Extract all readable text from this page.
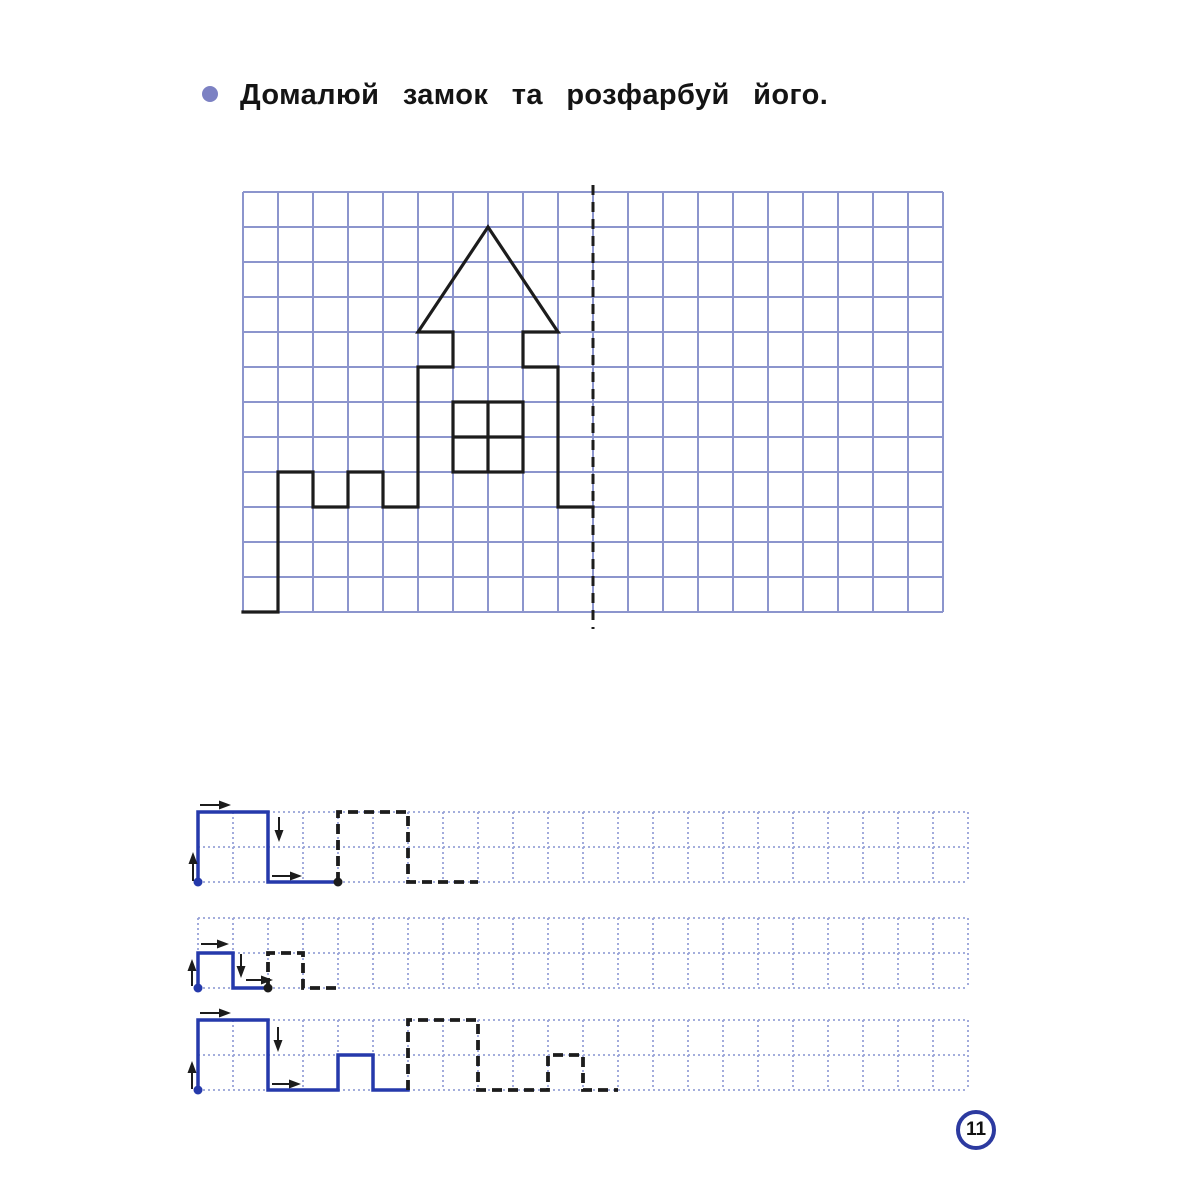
Домалюй замок та розфарбуй його.
11
